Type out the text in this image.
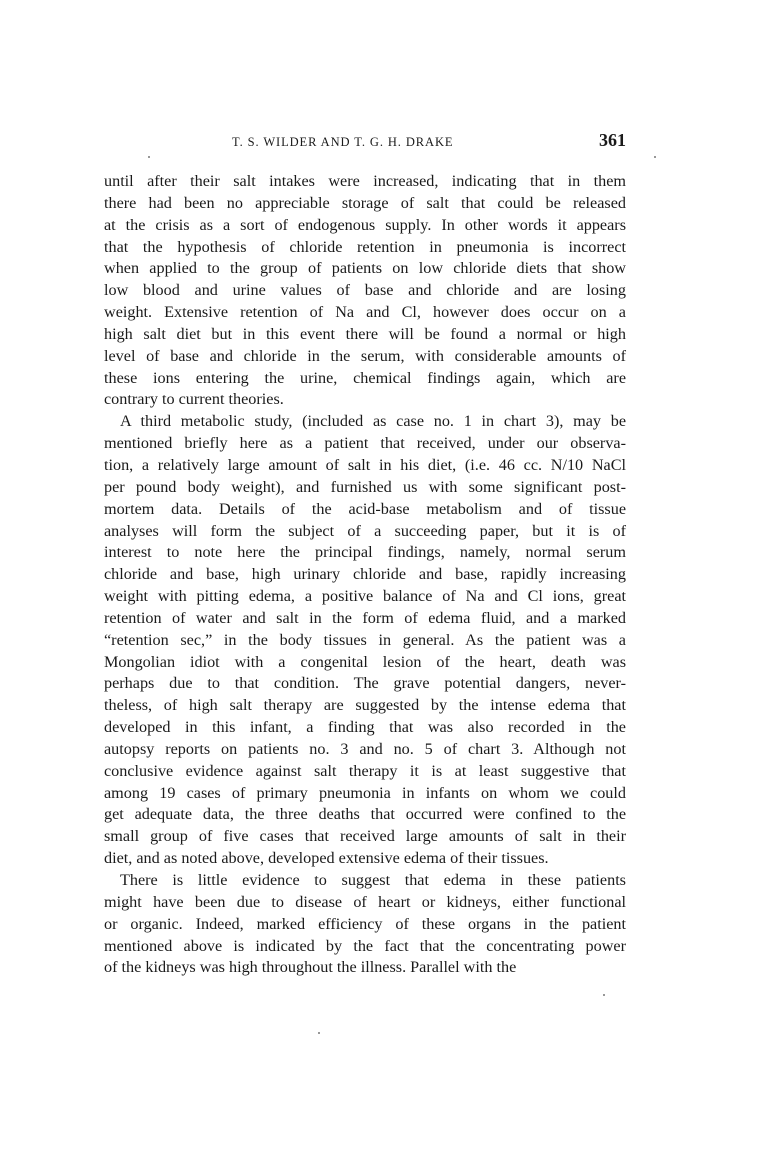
T. S. WILDER AND T. G. H. DRAKE	361
until after their salt intakes were increased, indicating that in them
there had been no appreciable storage of salt that could be released
at the crisis as a sort of endogenous supply. In other words it appears
that the hypothesis of chloride retention in pneumonia is incorrect
when applied to the group of patients on low chloride diets that show
low blood and urine values of base and chloride and are losing
weight. Extensive retention of Na and Cl, however does occur on a
high salt diet but in this event there will be found a normal or high
level of base and chloride in the serum, with considerable amounts of
these ions entering the urine, chemical findings again, which are
contrary to current theories.
A third metabolic study, (included as case no. 1 in chart 3), may be
mentioned briefly here as a patient that received, under our observa-
tion, a relatively large amount of salt in his diet, (i.e. 46 cc. N/10 NaCl
per pound body weight), and furnished us with some significant post-
mortem data. Details of the acid-base metabolism and of tissue
analyses will form the subject of a succeeding paper, but it is of
interest to note here the principal findings, namely, normal serum
chloride and base, high urinary chloride and base, rapidly increasing
weight with pitting edema, a positive balance of Na and Cl ions, great
retention of water and salt in the form of edema fluid, and a marked
“retention sec,” in the body tissues in general. As the patient was a
Mongolian idiot with a congenital lesion of the heart, death was
perhaps due to that condition. The grave potential dangers, never-
theless, of high salt therapy are suggested by the intense edema that
developed in this infant, a finding that was also recorded in the
autopsy reports on patients no. 3 and no. 5 of chart 3. Although not
conclusive evidence against salt therapy it is at least suggestive that
among 19 cases of primary pneumonia in infants on whom we could
get adequate data, the three deaths that occurred were confined to the
small group of five cases that received large amounts of salt in their
diet, and as noted above, developed extensive edema of their tissues.
There is little evidence to suggest that edema in these patients
might have been due to disease of heart or kidneys, either functional
or organic. Indeed, marked efficiency of these organs in the patient
mentioned above is indicated by the fact that the concentrating power
of the kidneys was high throughout the illness. Parallel with the
